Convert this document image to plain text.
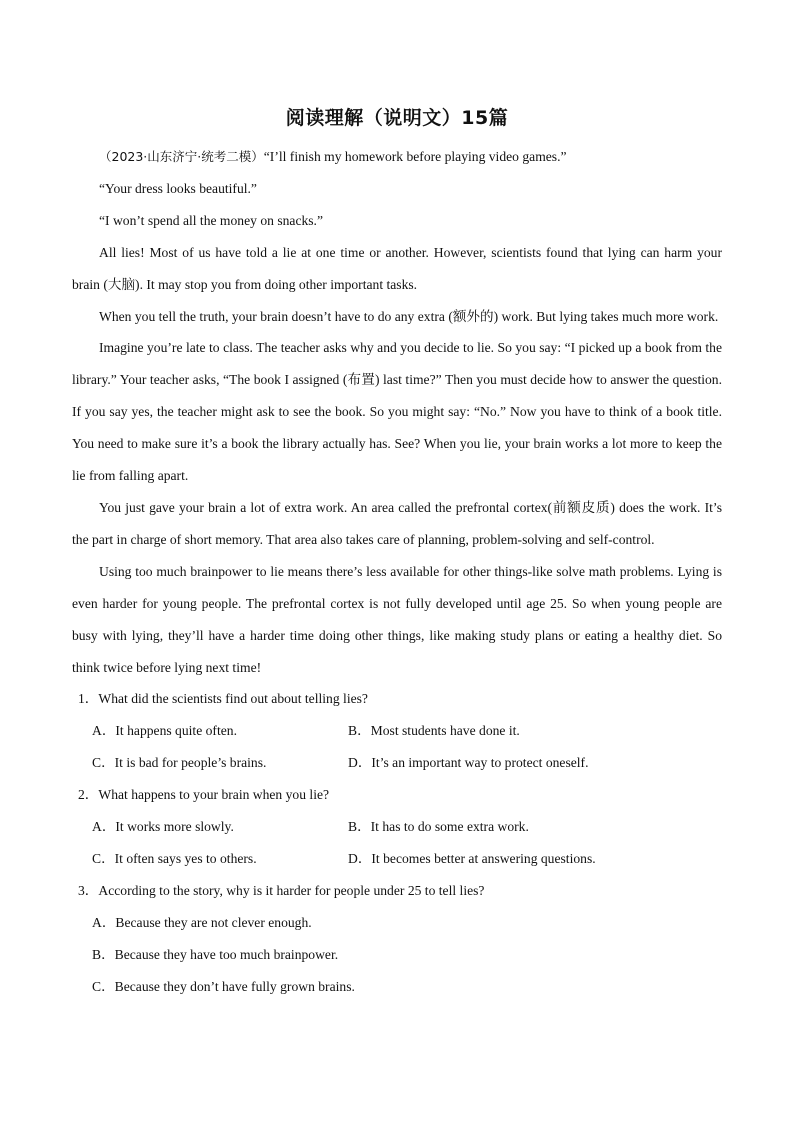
阅读理解（说明文）15篇

（2023·山东济宁·统考二模）“I’ll finish my homework before playing video games.”

“Your dress looks beautiful.”

“I won’t spend all the money on snacks.”

All lies! Most of us have told a lie at one time or another. However, scientists found that lying can harm your brain (大脑). It may stop you from doing other important tasks.

When you tell the truth, your brain doesn’t have to do any extra (额外的) work. But lying takes much more work.

Imagine you’re late to class. The teacher asks why and you decide to lie. So you say: “I picked up a book from the library.” Your teacher asks, “The book I assigned (布置) last time?” Then you must decide how to answer the question. If you say yes, the teacher might ask to see the book. So you might say: “No.” Now you have to think of a book title. You need to make sure it’s a book the library actually has. See? When you lie, your brain works a lot more to keep the lie from falling apart.

You just gave your brain a lot of extra work. An area called the prefrontal cortex(前额皮质) does the work. It’s the part in charge of short memory. That area also takes care of planning, problem-solving and self-control.

Using too much brainpower to lie means there’s less available for other things-like solve math problems. Lying is even harder for young people. The prefrontal cortex is not fully developed until age 25. So when young people are busy with lying, they’ll have a harder time doing other things, like making study plans or eating a healthy diet. So think twice before lying next time!

1．What did the scientists find out about telling lies?

A．It happens quite often.	B．Most students have done it.
C．It is bad for people’s brains.	D．It’s an important way to protect oneself.

2．What happens to your brain when you lie?

A．It works more slowly.	B．It has to do some extra work.
C．It often says yes to others.	D．It becomes better at answering questions.

3．According to the story, why is it harder for people under 25 to tell lies?

A．Because they are not clever enough.

B．Because they have too much brainpower.

C．Because they don’t have fully grown brains.
